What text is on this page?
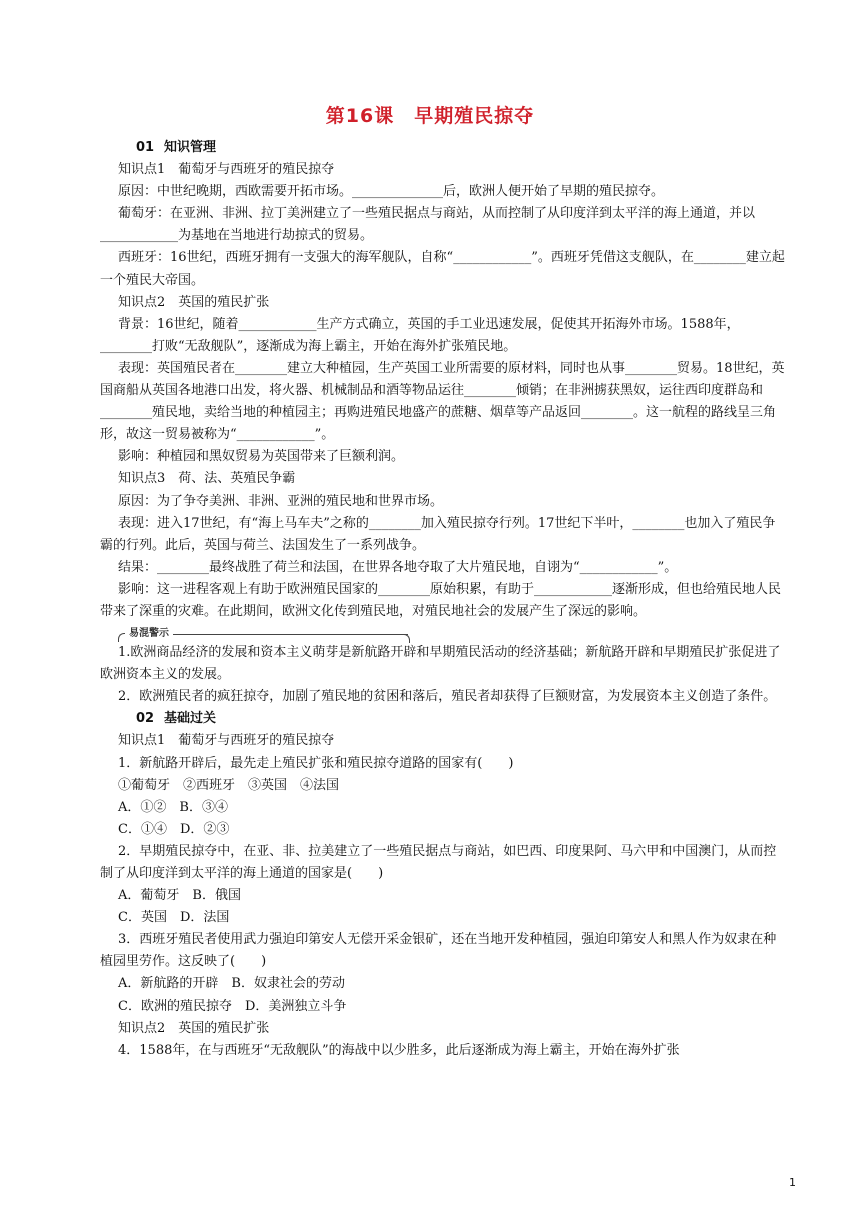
第16课　早期殖民掠夺

01 知识管理

知识点1　葡萄牙与西班牙的殖民掠夺

原因：中世纪晚期，西欧需要开拓市场。______________后，欧洲人便开始了早期的殖民掠夺。

葡萄牙：在亚洲、非洲、拉丁美洲建立了一些殖民据点与商站，从而控制了从印度洋到太平洋的海上通道，并以____________为基地在当地进行劫掠式的贸易。

西班牙：16世纪，西班牙拥有一支强大的海军舰队，自称“____________”。西班牙凭借这支舰队，在________建立起一个殖民大帝国。

知识点2　英国的殖民扩张

背景：16世纪，随着____________生产方式确立，英国的手工业迅速发展，促使其开拓海外市场。1588年，________打败“无敌舰队”，逐渐成为海上霸主，开始在海外扩张殖民地。

表现：英国殖民者在________建立大种植园，生产英国工业所需要的原材料，同时也从事________贸易。18世纪，英国商船从英国各地港口出发，将火器、机械制品和酒等物品运往________倾销；在非洲掳获黑奴，运往西印度群岛和________殖民地，卖给当地的种植园主；再购进殖民地盛产的蔗糖、烟草等产品返回________。这一航程的路线呈三角形，故这一贸易被称为“____________”。

影响：种植园和黑奴贸易为英国带来了巨额利润。

知识点3　荷、法、英殖民争霸

原因：为了争夺美洲、非洲、亚洲的殖民地和世界市场。

表现：进入17世纪，有“海上马车夫”之称的________加入殖民掠夺行列。17世纪下半叶，________也加入了殖民争霸的行列。此后，英国与荷兰、法国发生了一系列战争。

结果：________最终战胜了荷兰和法国，在世界各地夺取了大片殖民地，自诩为“____________”。

影响：这一进程客观上有助于欧洲殖民国家的________原始积累，有助于____________逐渐形成，但也给殖民地人民带来了深重的灾难。在此期间，欧洲文化传到殖民地，对殖民地社会的发展产生了深远的影响。

易混警示

1.欧洲商品经济的发展和资本主义萌芽是新航路开辟和早期殖民活动的经济基础；新航路开辟和早期殖民扩张促进了欧洲资本主义的发展。

2．欧洲殖民者的疯狂掠夺，加剧了殖民地的贫困和落后，殖民者却获得了巨额财富，为发展资本主义创造了条件。

02 基础过关

知识点1　葡萄牙与西班牙的殖民掠夺

1．新航路开辟后，最先走上殖民扩张和殖民掠夺道路的国家有(　　)

①葡萄牙　②西班牙　③英国　④法国

A．①②　B．③④

C．①④　D．②③

2．早期殖民掠夺中，在亚、非、拉美建立了一些殖民据点与商站，如巴西、印度果阿、马六甲和中国澳门，从而控制了从印度洋到太平洋的海上通道的国家是(　　)

A．葡萄牙　B．俄国

C．英国　D．法国

3．西班牙殖民者使用武力强迫印第安人无偿开采金银矿，还在当地开发种植园，强迫印第安人和黑人作为奴隶在种植园里劳作。这反映了(　　)

A．新航路的开辟　B．奴隶社会的劳动

C．欧洲的殖民掠夺　D．美洲独立斗争

知识点2　英国的殖民扩张

4．1588年，在与西班牙“无敌舰队”的海战中以少胜多，此后逐渐成为海上霸主，开始在海外扩张

1
